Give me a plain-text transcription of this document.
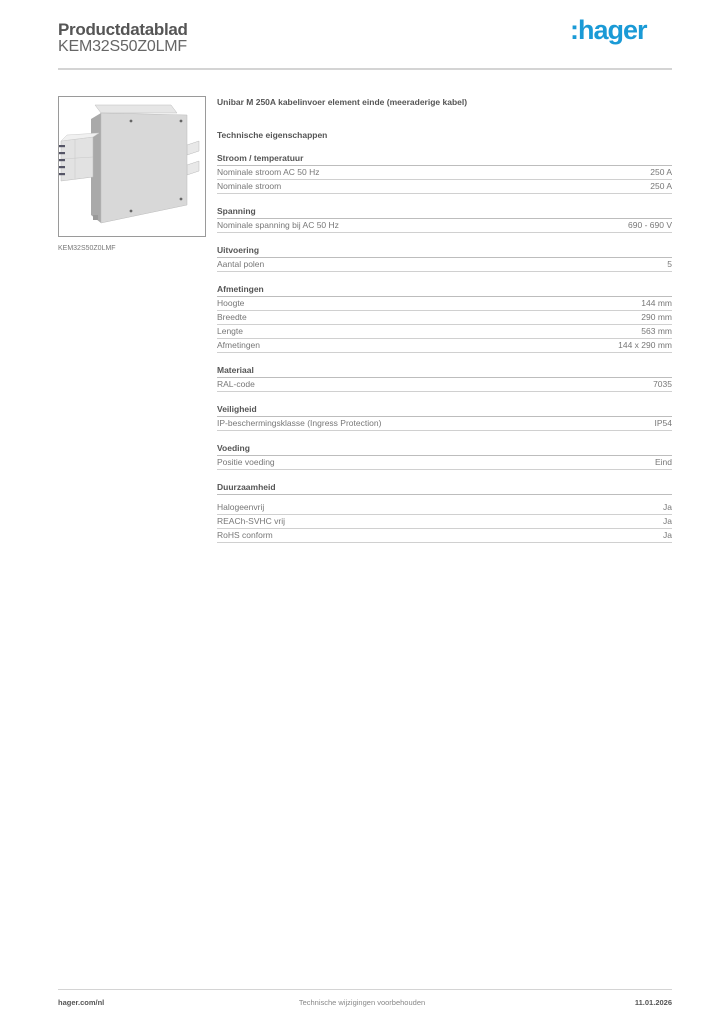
Productdatablad
KEM32S50Z0LMF
:hager
KEM32S50Z0LMF
Unibar M 250A kabelinvoer element einde (meeraderige kabel)
Technische eigenschappen
Stroom / temperatuur
Nominale stroom AC 50 Hz	250 A
Nominale stroom	250 A
Spanning
Nominale spanning bij AC 50 Hz	690 - 690 V
Uitvoering
Aantal polen	5
Afmetingen
Hoogte	144 mm
Breedte	290 mm
Lengte	563 mm
Afmetingen	144 x 290 mm
Materiaal
RAL-code	7035
Veiligheid
IP-beschermingsklasse (Ingress Protection)	IP54
Voeding
Positie voeding	Eind
Duurzaamheid
Halogeenvrij	Ja
REACh-SVHC vrij	Ja
RoHS conform	Ja
hager.com/nl	Technische wijzigingen voorbehouden	11.01.2026
